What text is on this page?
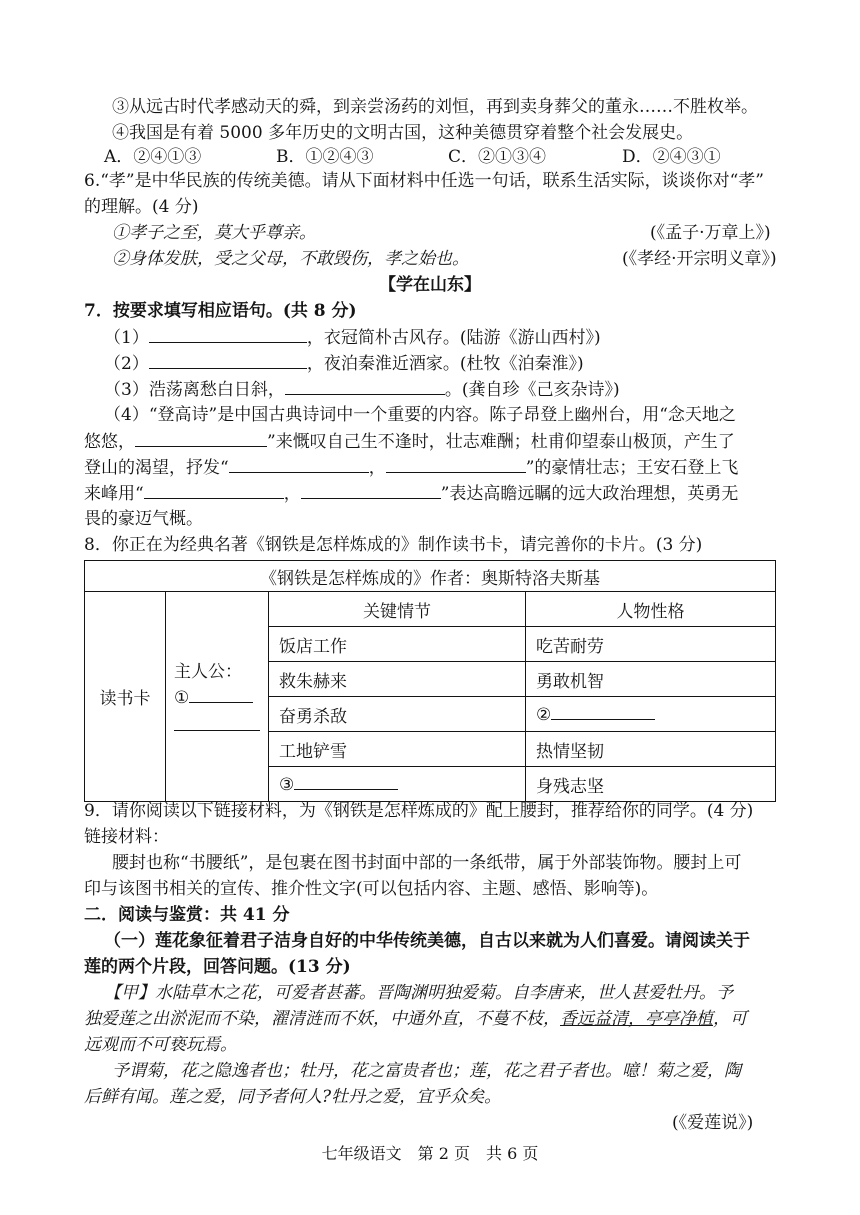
③从远古时代孝感动天的舜，到亲尝汤药的刘恒，再到卖身葬父的董永……不胜枚举。
④我国是有着 5000 多年历史的文明古国，这种美德贯穿着整个社会发展史。
A．②④①③	B．①②④③	C．②①③④	D．②④③①
6.“孝”是中华民族的传统美德。请从下面材料中任选一句话，联系生活实际，谈谈你对“孝”
的理解。(4 分)
①孝子之至，莫大乎尊亲。	(《孟子·万章上》)
②身体发肤，受之父母，不敢毁伤，孝之始也。	(《孝经·开宗明义章》)
【学在山东】
7．按要求填写相应语句。(共 8 分)
（1）	，衣冠简朴古风存。(陆游《游山西村》)
（2）	，夜泊秦淮近酒家。(杜牧《泊秦淮》)
（3）浩荡离愁白日斜，	。(龚自珍《己亥杂诗》)
（4）“登高诗”是中国古典诗词中一个重要的内容。陈子昂登上幽州台，用“念天地之
悠悠，	”来慨叹自己生不逢时，壮志难酬；杜甫仰望泰山极顶，产生了
登山的渴望，抒发“	，	”的豪情壮志；王安石登上飞
来峰用“	，	”表达高瞻远瞩的远大政治理想，英勇无
畏的豪迈气概。
8．你正在为经典名著《钢铁是怎样炼成的》制作读书卡，请完善你的卡片。(3 分)
《钢铁是怎样炼成的》作者：奥斯特洛夫斯基			
读书卡	主人公：
①	关键情节	人物性格
		饭店工作	吃苦耐劳
		救朱赫来	勇敢机智
		奋勇杀敌	②
		工地铲雪	热情坚韧
		③	身残志坚
9．请你阅读以下链接材料，为《钢铁是怎样炼成的》配上腰封，推荐给你的同学。(4 分)
链接材料：
腰封也称“书腰纸”，是包裹在图书封面中部的一条纸带，属于外部装饰物。腰封上可
印与该图书相关的宣传、推介性文字(可以包括内容、主题、感悟、影响等)。
二．阅读与鉴赏：共 41 分
（一）莲花象征着君子洁身自好的中华传统美德，自古以来就为人们喜爱。请阅读关于
莲的两个片段，回答问题。(13 分)
【甲】水陆草木之花，可爱者甚蕃。晋陶渊明独爱菊。自李唐来，世人甚爱牡丹。予
独爱莲之出淤泥而不染，濯清涟而不妖，中通外直，不蔓不枝，香远益清，亭亭净植，可
远观而不可亵玩焉。
予谓菊，花之隐逸者也；牡丹，花之富贵者也；莲，花之君子者也。噫！菊之爱，陶
后鲜有闻。莲之爱，同予者何人?牡丹之爱，宜乎众矣。
(《爱莲说》)
七年级语文　第 2 页　共 6 页
